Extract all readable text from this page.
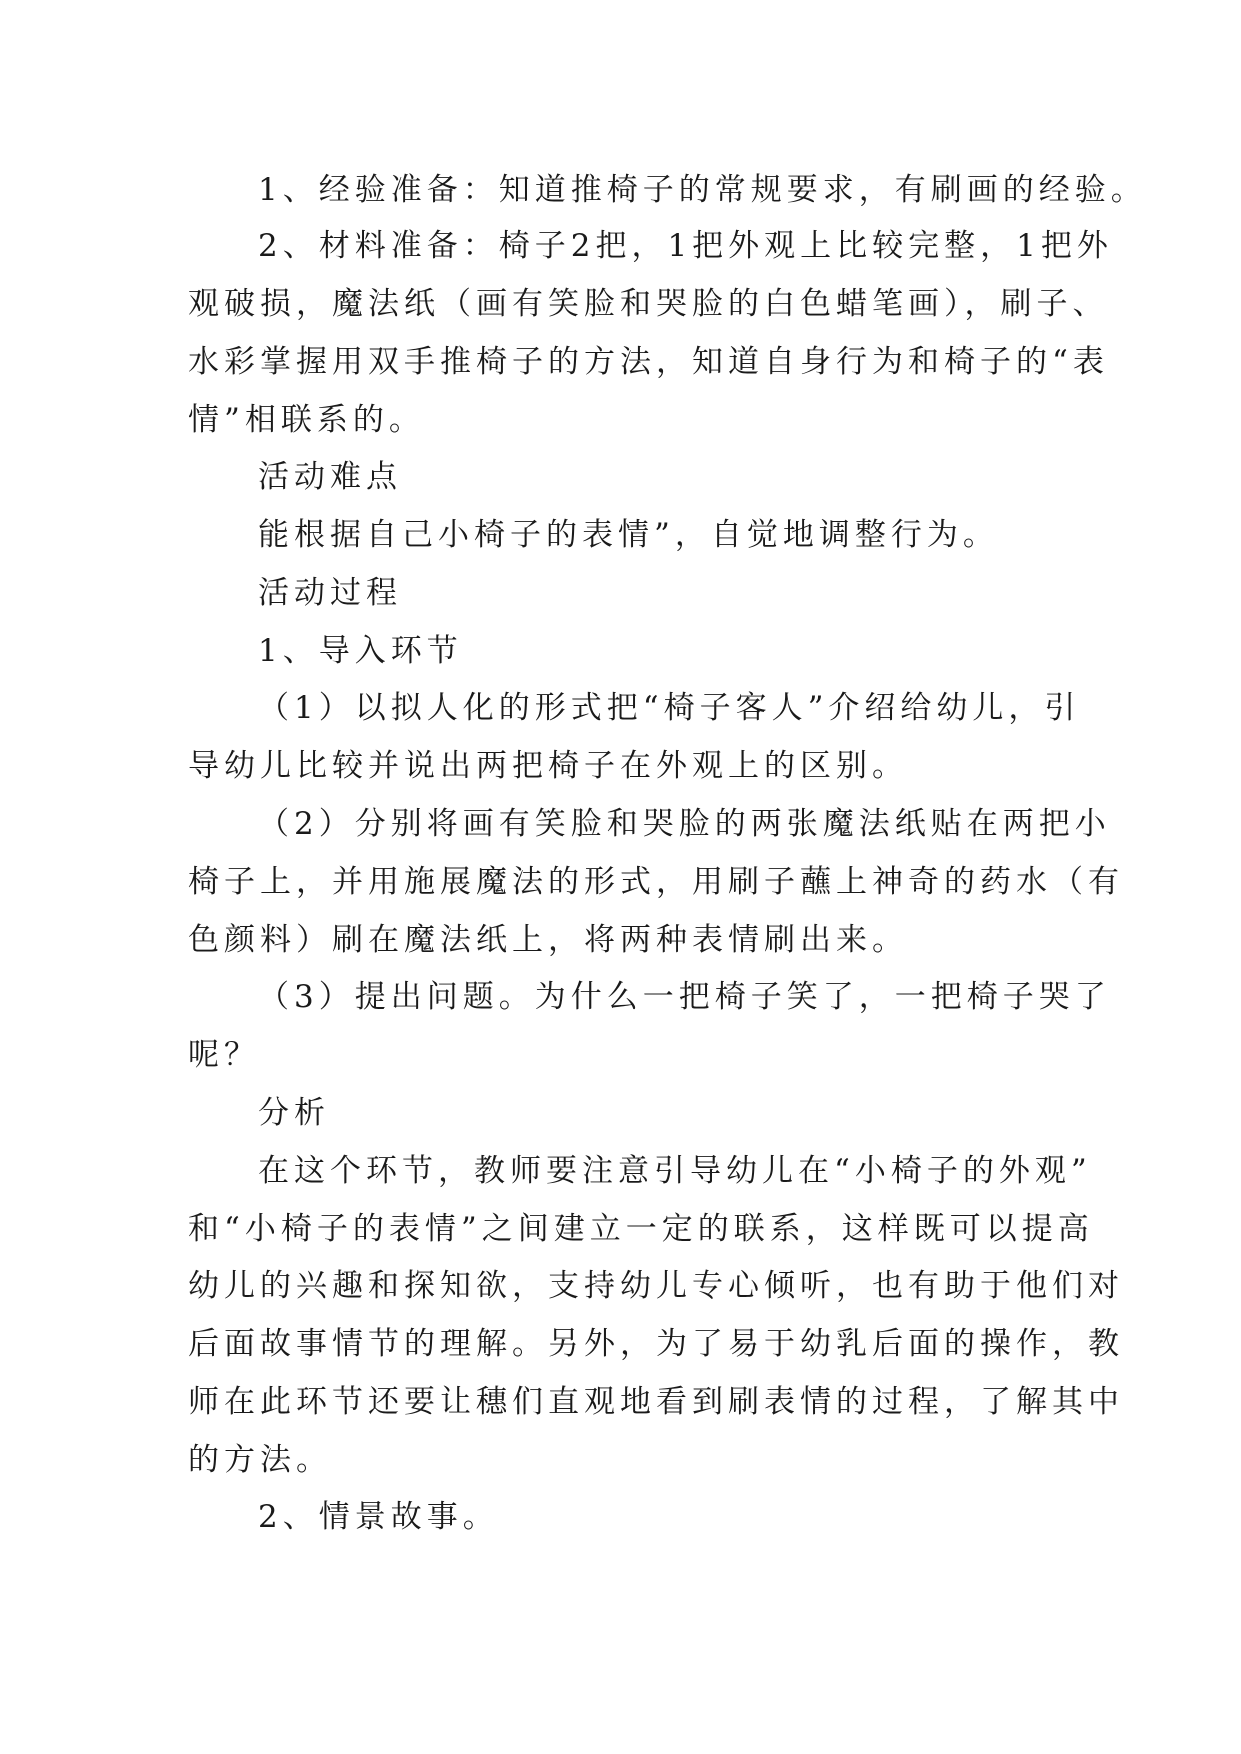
1、经验准备：知道推椅子的常规要求，有刷画的经验。

2、材料准备：椅子2把，1把外观上比较完整，1把外

观破损，魔法纸（画有笑脸和哭脸的白色蜡笔画），刷子、

水彩掌握用双手推椅子的方法，知道自身行为和椅子的“表

情”相联系的。

活动难点

能根据自己小椅子的表情”，自觉地调整行为。

活动过程

1、导入环节

（1）以拟人化的形式把“椅子客人”介绍给幼儿，引

导幼儿比较并说出两把椅子在外观上的区别。

（2）分别将画有笑脸和哭脸的两张魔法纸贴在两把小

椅子上，并用施展魔法的形式，用刷子蘸上神奇的药水（有

色颜料）刷在魔法纸上，将两种表情刷出来。

（3）提出问题。为什么一把椅子笑了，一把椅子哭了

呢？

分析

在这个环节，教师要注意引导幼儿在“小椅子的外观”

和“小椅子的表情”之间建立一定的联系，这样既可以提高

幼儿的兴趣和探知欲，支持幼儿专心倾听，也有助于他们对

后面故事情节的理解。另外，为了易于幼乳后面的操作，教

师在此环节还要让穗们直观地看到刷表情的过程，了解其中

的方法。

2、情景故事。
